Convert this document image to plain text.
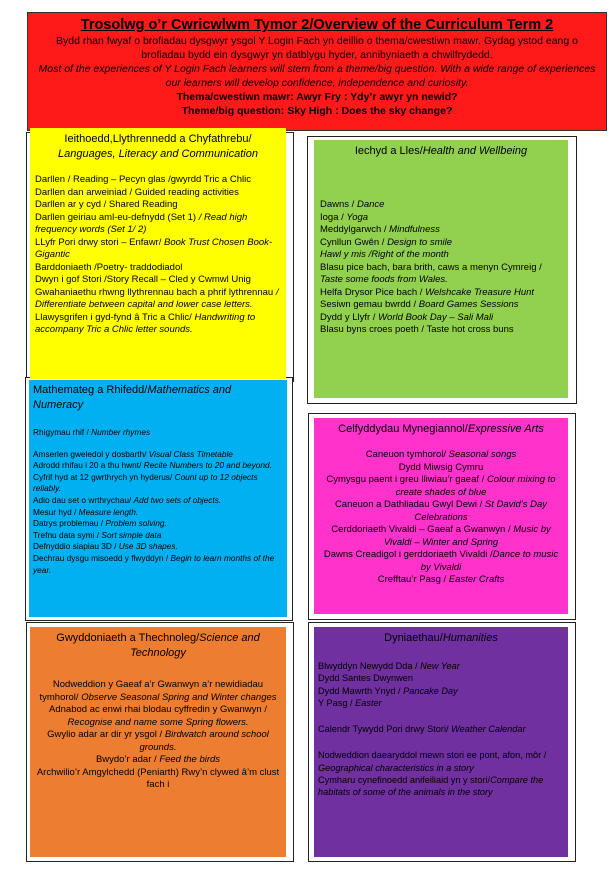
Trosolwg o’r Cwricwlwm Tymor 2/Overview of the Curriculum Term 2
Bydd rhan fwyaf o brofiadau dysgwyr ysgol Y Login Fach yn deillio o thema/cwestiwn mawr. Gydag ystod eang o brofiadau bydd ein dysgwyr yn datblygu hyder, annibyniaeth a chwilfrydedd.
Most of the experiences of Y Login Fach learners will stem from a theme/big question. With a wide range of experiences our learners will develop confidence, independence and curiosity.
Thema/cwestiwn mawr: Awyr Fry : Ydy’r awyr yn newid?
Theme/big question: Sky High : Does the sky change?
Ieithoedd,Llythrennedd a Chyfathrebu/
Languages, Literacy and Communication
Darllen / Reading – Pecyn glas /gwyrdd Tric a Chlic
Darllen dan arweiniad / Guided reading activities
Darllen ar y cyd / Shared Reading
Darllen geiriau aml-eu-defnydd (Set 1) / Read high frequency words (Set 1/ 2)
LLyfr Pori drwy stori – Enfawr/ Book Trust Chosen Book- Gigantic
Barddoniaeth /Poetry- traddodiadol
Dwyn i gof Stori /Story Recall – Cled y Cwmwl Unig
Gwahaniaethu rhwng llythrennau bach a phrif lythrennau / Differentiate between capital and lower case letters.
Llawysgrifen i gyd-fynd â Tric a Chlic/ Handwriting to accompany Tric a Chlic letter sounds.
Iechyd a Lles/Health and Wellbeing
Dawns / Dance
Ioga / Yoga
Meddylgarwch / Mindfulness
Cynllun Gwên / Design to smile
Hawl y mis /Right of the month
Blasu pice bach, bara brith, caws a menyn Cymreig / Taste some foods from Wales.
Helfa Drysor Pice bach / Welshcake Treasure Hunt
Sesiwn gemau bwrdd / Board Games Sessions
Dydd y Llyfr / World Book Day – Sali Mali
Blasu byns croes poeth / Taste hot cross buns
Mathemateg a Rhifedd/Mathematics and Numeracy
Rhigymau rhif / Number rhymes
Amserlen gweledol y dosbarth/ Visual Class Timetable
Adrodd rhifau i 20 a thu hwnt/ Recite Numbers to 20 and beyond.
Cyfrif hyd at 12 gwrthrych yn hyderus/ Count up to 12 objects reliably.
Adio dau set o wrthrychau/ Add two sets of objects.
Mesur hyd / Measure length.
Datrys problemau / Problem solving.
Trefnu data symi / Sort simple data
Defnyddio siapiau 3D / Use 3D shapes.
Dechrau dysgu misoedd y flwyddyn / Begin to learn months of the year.
Celfyddydau Mynegiannol/Expressive Arts
Caneuon tymhorol/ Seasonal songs
Dydd Miwsig Cymru
Cymysgu paent i greu lliwiau’r gaeaf / Colour mixing to create shades of blue
Caneuon a Dathliadau Gwyl Dewi / St David’s Day Celebrations
Cerddoriaeth Vivaldi – Gaeaf a Gwanwyn / Music by Vivaldi – Winter and Spring
Dawns Creadigol i gerddoriaeth Vivaldi /Dance to music by Vivaldi
Crefftau’r Pasg / Easter Crafts
Gwyddoniaeth a Thechnoleg/Science and Technology
Nodweddion y Gaeaf a’r Gwanwyn a’r newidiadau tymhorol/ Observe Seasonal Spring and Winter changes
Adnabod ac enwi rhai blodau cyffredin y Gwanwyn / Recognise and name some Spring flowers.
Gwylio adar ar dir yr ysgol / Birdwatch around school grounds.
Bwydo’r adar / Feed the birds
Archwilio’r Amgylchedd (Peniarth) Rwy’n clywed â’m clust fach i
Dyniaethau/Humanities
Blwyddyn Newydd Dda / New Year
Dydd Santes Dwynwen
Dydd Mawrth Ynyd / Pancake Day
Y Pasg / Easter
Calendr Tywydd Pori drwy Stori/ Weather Calendar
Nodweddion daearyddol mewn stori ee pont, afon, môr / Geographical characteristics in a story
Cymharu cynefinoedd anifeiliaid yn y stori/Compare the habitats of some of the animals in the story
